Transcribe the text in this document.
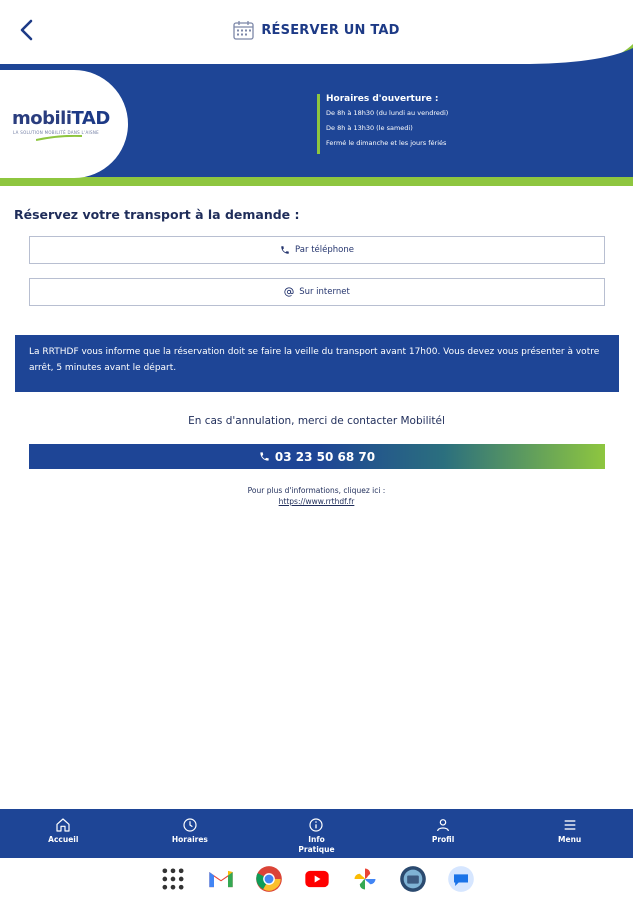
RÉSERVER UN TAD
mobiliTAD
LA SOLUTION MOBILITÉ DANS L'AISNE
Horaires d'ouverture :
De 8h à 18h30 (du lundi au vendredi)
De 8h à 13h30 (le samedi)
Fermé le dimanche et les jours fériés
Réservez votre transport à la demande :
Par téléphone
Sur internet
La RRTHDF vous informe que la réservation doit se faire la veille du transport avant 17h00. Vous devez vous présenter à votre arrêt, 5 minutes avant le départ.
En cas d'annulation, merci de contacter Mobilitél
03 23 50 68 70
Pour plus d'informations, cliquez ici :
https://www.rrthdf.fr
Accueil	Horaires	Info Pratique
Profil	Menu
